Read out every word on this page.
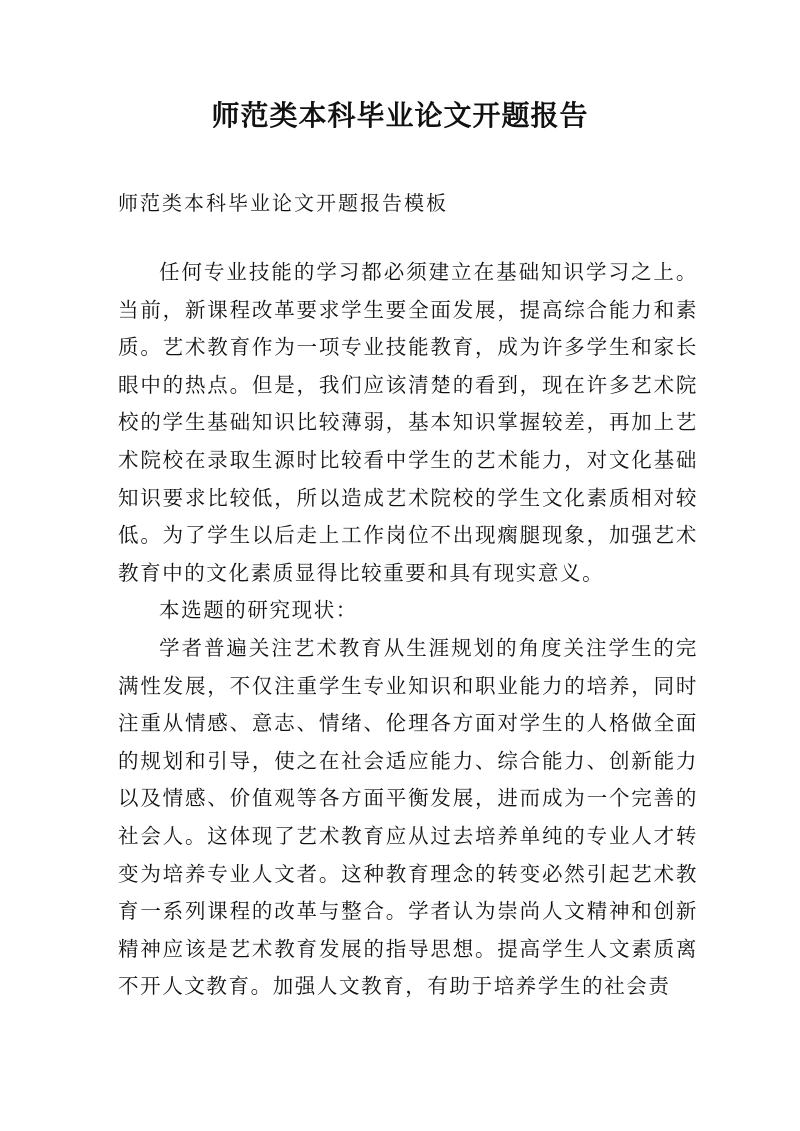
师范类本科毕业论文开题报告
师范类本科毕业论文开题报告模板

任何专业技能的学习都必须建立在基础知识学习之上。当前，新课程改革要求学生要全面发展，提高综合能力和素质。艺术教育作为一项专业技能教育，成为许多学生和家长眼中的热点。但是，我们应该清楚的看到，现在许多艺术院校的学生基础知识比较薄弱，基本知识掌握较差，再加上艺术院校在录取生源时比较看中学生的艺术能力，对文化基础知识要求比较低，所以造成艺术院校的学生文化素质相对较低。为了学生以后走上工作岗位不出现瘸腿现象，加强艺术教育中的文化素质显得比较重要和具有现实意义。

本选题的研究现状：

学者普遍关注艺术教育从生涯规划的角度关注学生的完满性发展，不仅注重学生专业知识和职业能力的培养，同时注重从情感、意志、情绪、伦理各方面对学生的人格做全面的规划和引导，使之在社会适应能力、综合能力、创新能力以及情感、价值观等各方面平衡发展，进而成为一个完善的社会人。这体现了艺术教育应从过去培养单纯的专业人才转变为培养专业人文者。这种教育理念的转变必然引起艺术教育一系列课程的改革与整合。学者认为崇尚人文精神和创新精神应该是艺术教育发展的指导思想。提高学生人文素质离不开人文教育。加强人文教育，有助于培养学生的社会责
